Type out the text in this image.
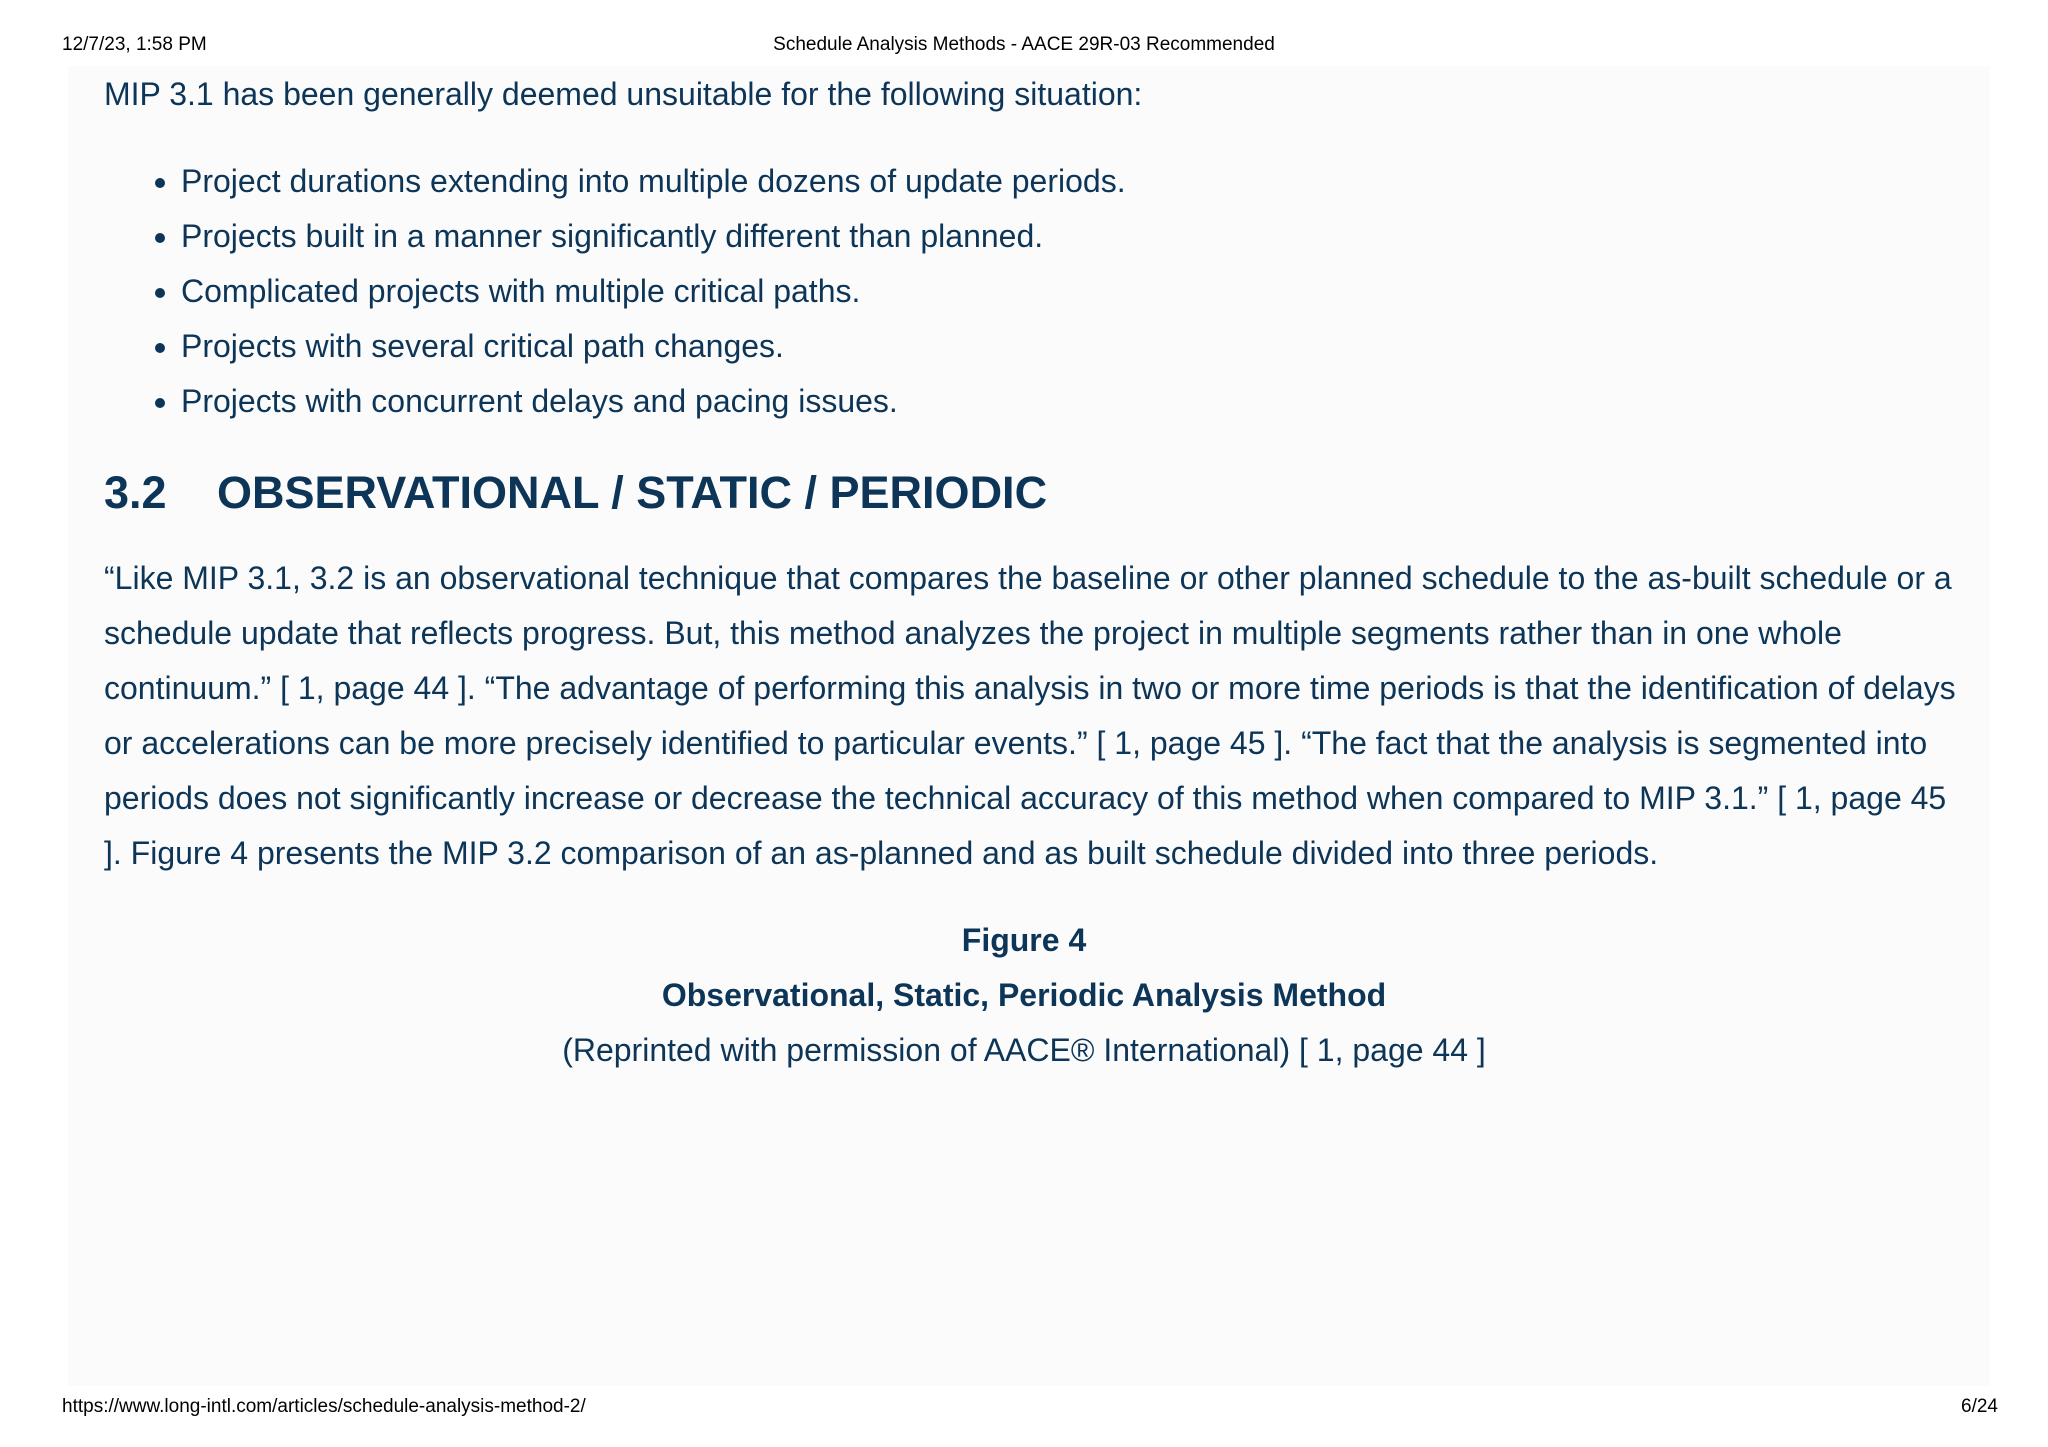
12/7/23, 1:58 PM	Schedule Analysis Methods - AACE 29R-03 Recommended

MIP 3.1 has been generally deemed unsuitable for the following situation:

• Project durations extending into multiple dozens of update periods.
• Projects built in a manner significantly different than planned.
• Complicated projects with multiple critical paths.
• Projects with several critical path changes.
• Projects with concurrent delays and pacing issues.
3.2 OBSERVATIONAL / STATIC / PERIODIC

“Like MIP 3.1, 3.2 is an observational technique that compares the baseline or other planned schedule to the as-built schedule or a schedule update that reflects progress. But, this method analyzes the project in multiple segments rather than in one whole continuum.” [ 1, page 44 ]. “The advantage of performing this analysis in two or more time periods is that the identification of delays or accelerations can be more precisely identified to particular events.” [ 1, page 45 ]. “The fact that the analysis is segmented into periods does not significantly increase or decrease the technical accuracy of this method when compared to MIP 3.1.” [ 1, page 45 ]. Figure 4 presents the MIP 3.2 comparison of an as-planned and as built schedule divided into three periods.

Figure 4
Observational, Static, Periodic Analysis Method
(Reprinted with permission of AACE® International) [ 1, page 44 ]
https://www.long-intl.com/articles/schedule-analysis-method-2/	6/24
